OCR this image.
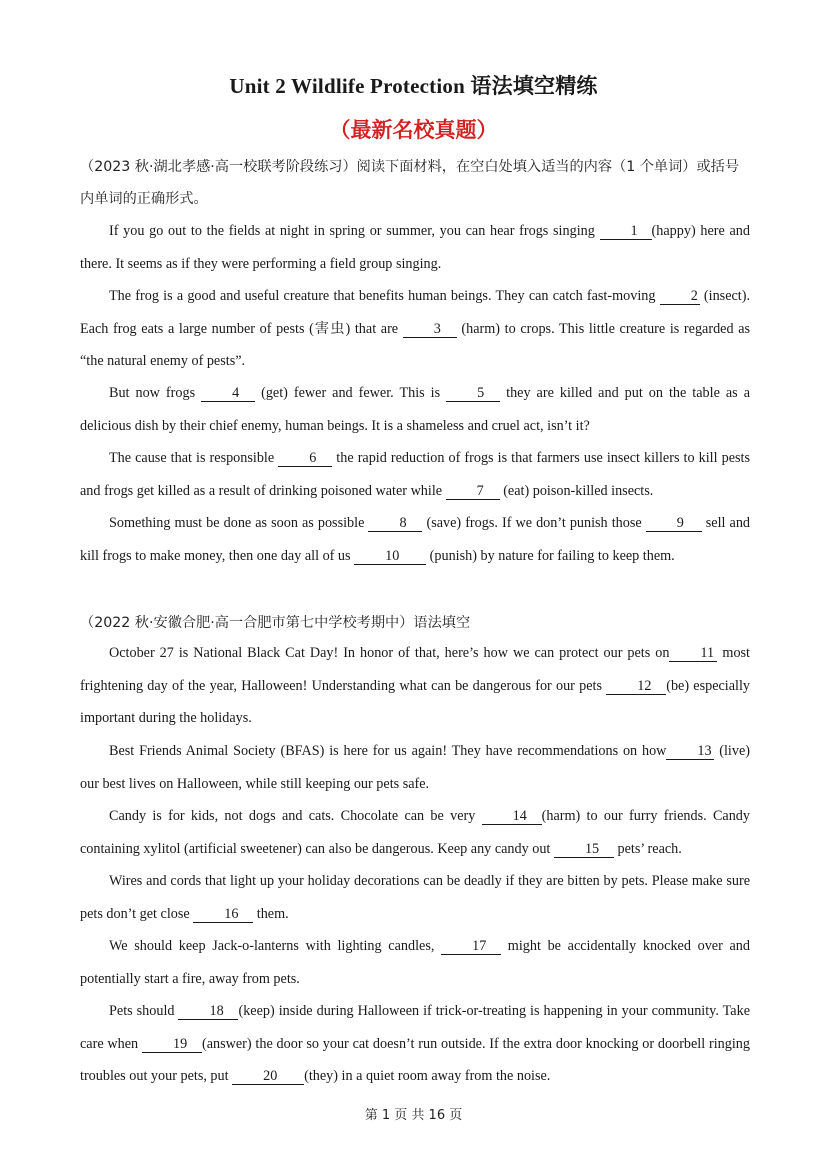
Unit 2 Wildlife Protection 语法填空精练
（最新名校真题）
（2023 秋·湖北孝感·高一校联考阶段练习）阅读下面材料，在空白处填入适当的内容（1 个单词）或括号
内单词的正确形式。

If you go out to the fields at night in spring or summer, you can hear frogs singing	1 (happy) here and there. It seems as if they were performing a field group singing.

The frog is a good and useful creature that benefits human beings. They can catch fast-moving 2 (insect). Each frog eats a large number of pests (害虫) that are	3 (harm) to crops. This little creature is regarded as “the natural enemy of pests”.

But now frogs	4 (get) fewer and fewer. This is	5 they are killed and put on the table as a delicious dish by their chief enemy, human beings. It is a shameless and cruel act, isn’t it?

The cause that is responsible 6 the rapid reduction of frogs is that farmers use insect killers to kill pests and frogs get killed as a result of drinking poisoned water while 7 (eat) poison-killed insects.

Something must be done as soon as possible 8 (save) frogs. If we don’t punish those 9 sell and kill frogs to make money, then one day all of us 10 (punish) by nature for failing to keep them.

（2022 秋·安徽合肥·高一合肥市第七中学校考期中）语法填空

October 27 is National Black Cat Day! In honor of that, here’s how we can protect our pets on 11 most frightening day of the year, Halloween! Understanding what can be dangerous for our pets 12 (be) especially important during the holidays.

Best Friends Animal Society (BFAS) is here for us again! They have recommendations on how 13 (live) our best lives on Halloween, while still keeping our pets safe.

Candy is for kids, not dogs and cats. Chocolate can be very	14 (harm) to our furry friends. Candy containing xylitol (artificial sweetener) can also be dangerous. Keep any candy out 15 pets’ reach.

Wires and cords that light up your holiday decorations can be deadly if they are bitten by pets. Please make sure pets don’t get close 16 them.

We should keep Jack-o-lanterns with lighting candles,	17 might be accidentally knocked over and potentially start a fire, away from pets.

Pets should 18 (keep) inside during Halloween if trick-or-treating is happening in your community. Take care when 19 (answer) the door so your cat doesn’t run outside. If the extra door knocking or doorbell ringing troubles out your pets, put 20 (they) in a quiet room away from the noise.

第 1 页 共 16 页
